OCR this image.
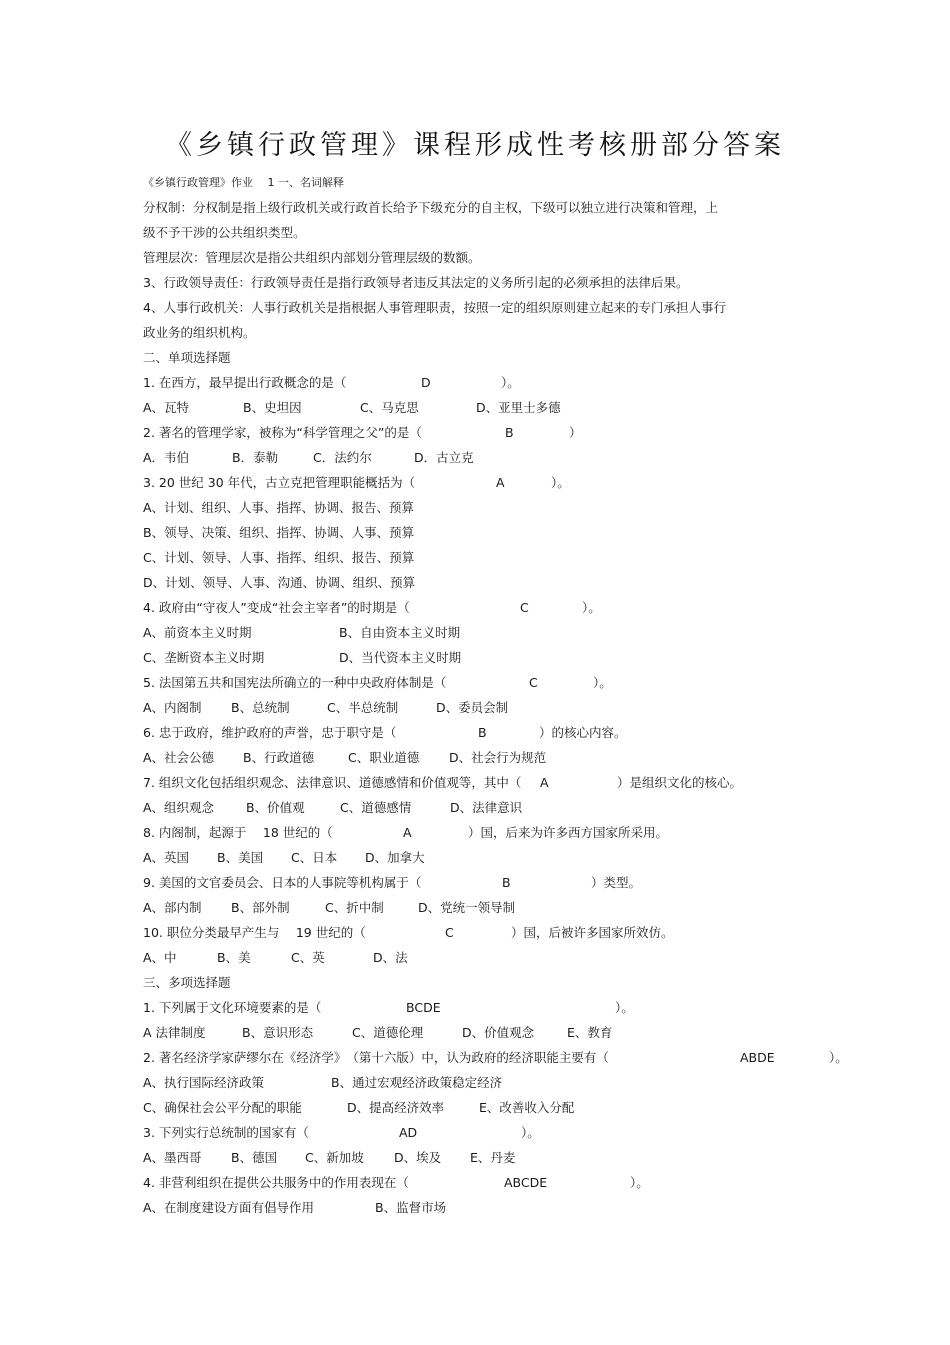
《乡镇行政管理》课程形成性考核册部分答案
《乡镇行政管理》作业　 1 一、名词解释
分权制：分权制是指上级行政机关或行政首长给予下级充分的自主权，下级可以独立进行决策和管理，上
级不予干涉的公共组织类型。
管理层次：管理层次是指公共组织内部划分管理层级的数额。
3、行政领导责任：行政领导责任是指行政领导者违反其法定的义务所引起的必须承担的法律后果。
4、人事行政机关：人事行政机关是指根据人事管理职责，按照一定的组织原则建立起来的专门承担人事行
政业务的组织机构。
二、单项选择题
1. 在西方，最早提出行政概念的是（	D	）。
A、瓦特	B、史坦因	C、马克思	D、亚里士多德
2. 著名的管理学家，被称为“科学管理之父”的是（	B	）
A．韦伯	B．泰勒	C．法约尔	D．古立克
3. 20 世纪 30 年代，古立克把管理职能概括为（	A	）。
A、计划、组织、人事、指挥、协调、报告、预算
B、领导、决策、组织、指挥、协调、人事、预算
C、计划、领导、人事、指挥、组织、报告、预算
D、计划、领导、人事、沟通、协调、组织、预算
4. 政府由“守夜人”变成“社会主宰者”的时期是（	C	）。
A、前资本主义时期	B、自由资本主义时期
C、垄断资本主义时期	D、当代资本主义时期
5. 法国第五共和国宪法所确立的一种中央政府体制是（	C	）。
A、内阁制 B、总统制	C、半总统制	D、委员会制
6. 忠于政府，维护政府的声誉，忠于职守是（	B	）的核心内容。
A、社会公德 B、行政道德	C、职业道德 D、社会行为规范
7. 组织文化包括组织观念、法律意识、道德感情和价值观等，其中（ A	）是组织文化的核心。
A、组织观念	B、价值观	C、道德感情	D、法律意识
8. 内阁制，起源于　 18 世纪的（	A	）国，后来为许多西方国家所采用。
A、英国 B、美国 C、日本 D、加拿大
9. 美国的文官委员会、日本的人事院等机构属于（	B	）类型。
A、部内制 B、部外制	C、折中制	D、党统一领导制
10. 职位分类最早产生与　 19 世纪的（	C	）国，后被许多国家所效仿。
A、中	B、美	C、英	D、法
三、多项选择题
1. 下列属于文化环境要素的是（	BCDE	）。
A 法律制度	B、意识形态	C、道德伦理	D、价值观念	E、教育
2. 著名经济学家萨缪尔在《经济学》　（第十六版）中，认为政府的经济职能主要有（	ABDE	）。
A、执行国际经济政策	B、通过宏观经济政策稳定经济
C、确保社会公平分配的职能	D、提高经济效率	E、改善收入分配
3. 下列实行总统制的国家有（	AD	）。
A、墨西哥 B、德国 C、新加坡 D、埃及 E、丹麦
4. 非营利组织在提供公共服务中的作用表现在（	ABCDE	）。
A、在制度建设方面有倡导作用	B、监督市场
